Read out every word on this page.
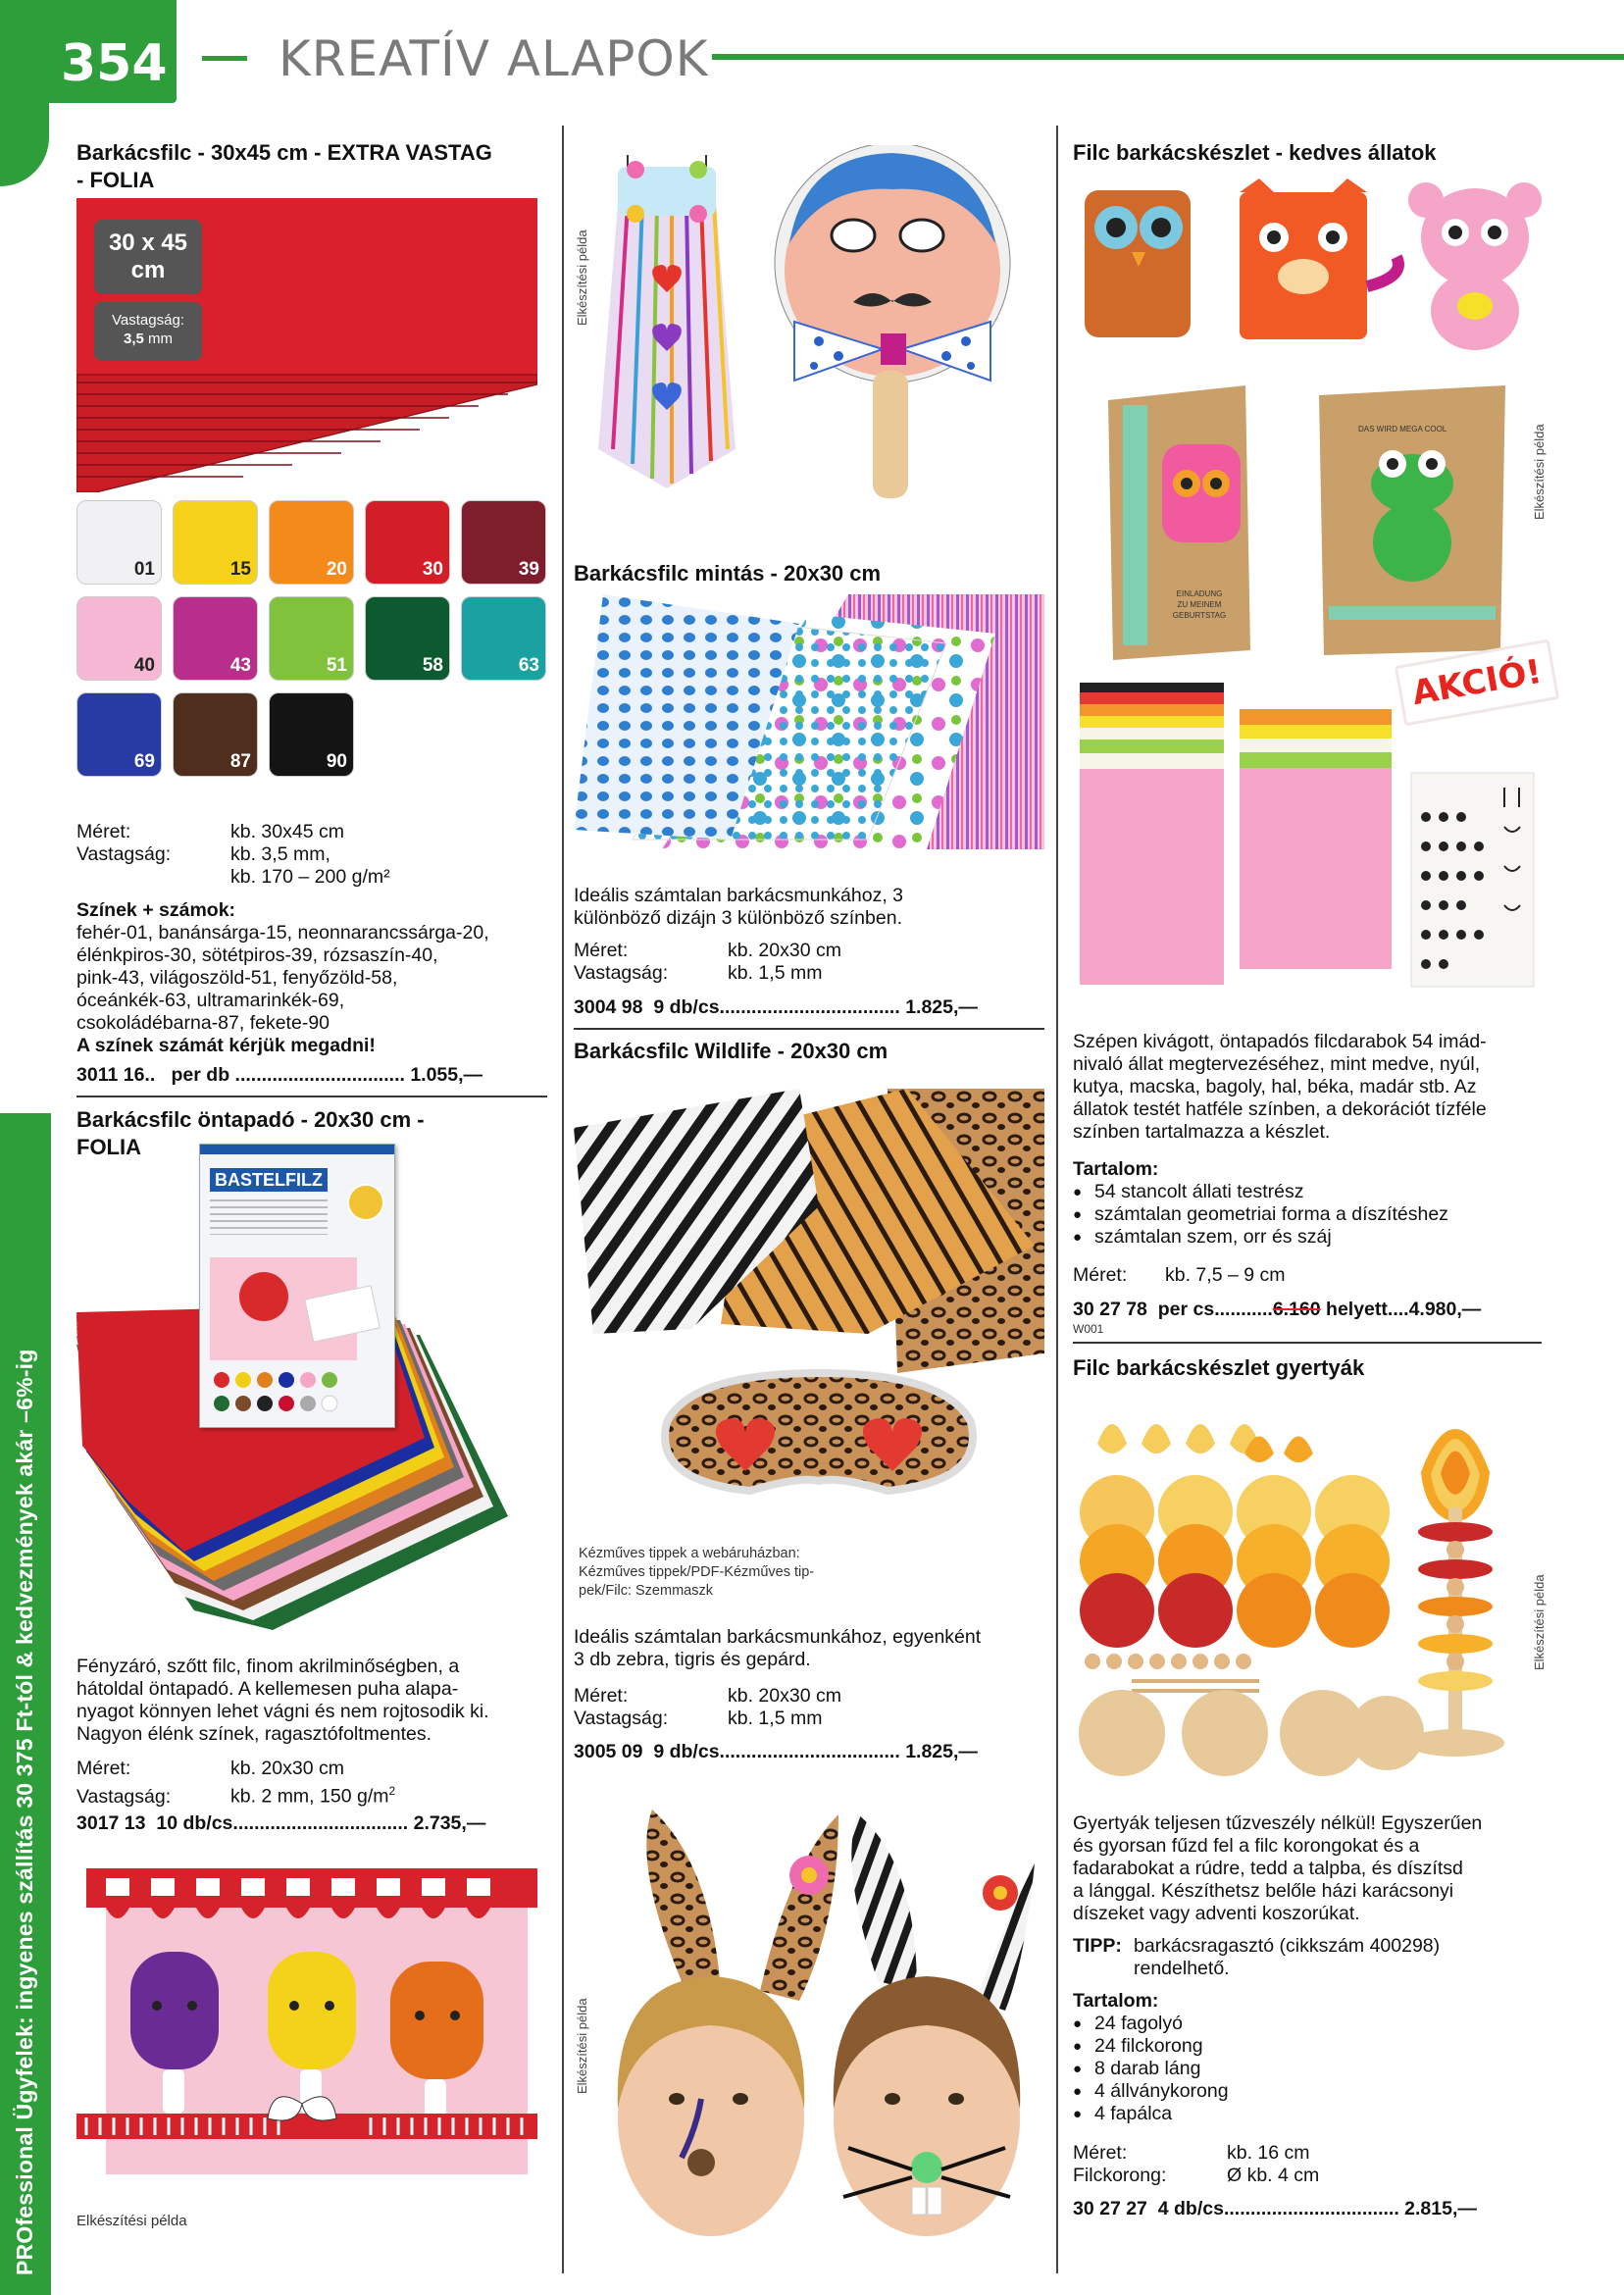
354 KREATÍV ALAPOK
PROfessional Ügyfelek: ingyenes szállítás 30 375 Ft-tól & kedvezmények akár –6%-ig
Barkácsfilc - 30x45 cm - EXTRA VASTAG
- FOLIA
30 x 45
cm
Vastagság:
3,5 mm
01	15	20	30	39
40	43	51	58	63
69	87	90
Méret:	kb. 30x45 cm
Vastagság:	kb. 3,5 mm,
kb. 170 – 200 g/m²
Színek + számok:
fehér-01, banánsárga-15, neonnarancssárga-20,
élénkpiros-30, sötétpiros-39, rózsaszín-40,
pink-43, világoszöld-51, fenyőzöld-58,
óceánkék-63, ultramarinkék-69,
csokoládébarna-87, fekete-90
A színek számát kérjük megadni!
3011 16.. per db ................................ 1.055,—
Barkácsfilc öntapadó - 20x30 cm -
FOLIA
BASTELFILZ
Fényzáró, szőtt filc, finom akrilminőségben, a
hátoldal öntapadó. A kellemesen puha alapa-
nyagot könnyen lehet vágni és nem rojtosodik ki.
Nagyon élénk színek, ragasztófoltmentes.
Méret:	kb. 20x30 cm
Vastagság:	kb. 2 mm, 150 $g/m^2$
3017 13 10 db/cs................................. 2.735,—
Elkészítési példa
Elkészítési példa
Barkácsfilc mintás - 20x30 cm
Ideális számtalan barkácsmunkához, 3
különböző dizájn 3 különböző színben.
Méret:	kb. 20x30 cm
Vastagság:	kb. 1,5 mm
3004 98 9 db/cs.................................. 1.825,—
Barkácsfilc Wildlife - 20x30 cm
Kézműves tippek a webáruházban:
Kézműves tippek/PDF-Kézműves tip-
pek/Filc: Szemmaszk
Ideális számtalan barkácsmunkához, egyenként
3 db zebra, tigris és gepárd.
Méret:	kb. 20x30 cm
Vastagság:	kb. 1,5 mm
3005 09 9 db/cs.................................. 1.825,—
Elkészítési példa
Filc barkácskészlet - kedves állatok
EINLADUNG
ZU MEINEM
GEBURTSTAG
DAS WIRD MEGA COOL	Elkészítési példa
AKCIÓ!
Szépen kivágott, öntapadós filcdarabok 54 imád-
nivaló állat megtervezéséhez, mint medve, nyúl,
kutya, macska, bagoly, hal, béka, madár stb. Az
állatok testét hatféle színben, a dekorációt tízféle
színben tartalmazza a készlet.
Tartalom:
● 54 stancolt állati testrész
● számtalan geometriai forma a díszítéshez
● számtalan szem, orr és száj
Méret: kb. 7,5 – 9 cm
30 27 78 per cs...........6.160 helyett....4.980,—
W001
Filc barkácskészlet gyertyák
Elkészítési példa
Gyertyák teljesen tűzveszély nélkül! Egyszerűen
és gyorsan fűzd fel a filc korongokat és a
fadarabokat a rúdre, tedd a talpba, és díszítsd
a lánggal. Készíthetsz belőle házi karácsonyi
díszeket vagy adventi koszorúkat.
TIPP: barkácsragasztó (cikkszám 400298)
rendelhető.
Tartalom:
● 24 fagolyó
● 24 filckorong
● 8 darab láng
● 4 állványkorong
● 4 fapálca
Méret:	kb. 16 cm
Filckorong:	Ø kb. 4 cm
30 27 27 4 db/cs................................. 2.815,—
